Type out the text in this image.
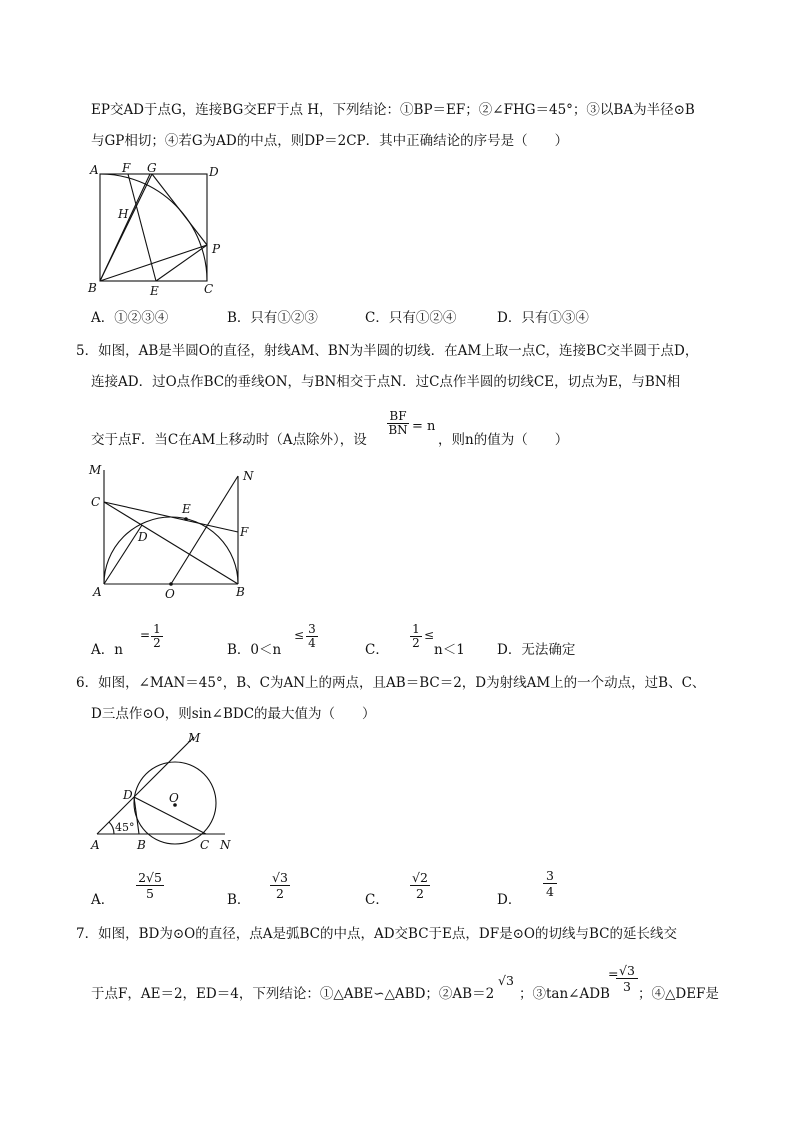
EP交AD于点G，连接BG交EF于点 H，下列结论：①BP＝EF；②∠FHG＝45°；③以BA为半径⊙B
与GP相切；④若G为AD的中点，则DP＝2CP．其中正确结论的序号是（　　）
A F G	D
H
P
B	E	C
A．①②③④	B．只有①②③	C．只有①②④	D．只有①③④
5．如图，AB是半圆O的直径，射线AM、BN为半圆的切线．在AM上取一点C，连接BC交半圆于点D，
连接AD．过O点作BC的垂线ON，与BN相交于点N．过C点作半圆的切线CE，切点为E，与BN相
交于点F．当C在AM上移动时（A点除外），设
$\frac{BF}{BN} = n$
，则n的值为（　　）
M	N
C	E
D	F
A	O	B
A．n
= $\frac{1}{2}$	B．0＜n
≤ $\frac{3}{4}$	C． $\frac{1}{2}$ ≤
n＜1 D．无法确定
6．如图，∠MAN＝45°，B、C为AN上的两点，且AB＝BC＝2，D为射线AM上的一个动点，过B、C、
D三点作⊙O，则sin∠BDC的最大值为（　　）
M
D	O
45°
A	B	C N
A． $\frac{2√5}{5}$	B． $\frac{√3}{2}$	C． $\frac{√2}{2}$	D．
$\frac{3}{4}$
7．如图，BD为⊙O的直径，点A是弧BC的中点，AD交BC于E点，DF是⊙O的切线与BC的延长线交
于点F，AE＝2，ED＝4，下列结论：①△ABE∽△ABD；②AB＝2
√3
；③tan∠ADB
=
$\frac{√3}{3}$ ；④△DEF是
